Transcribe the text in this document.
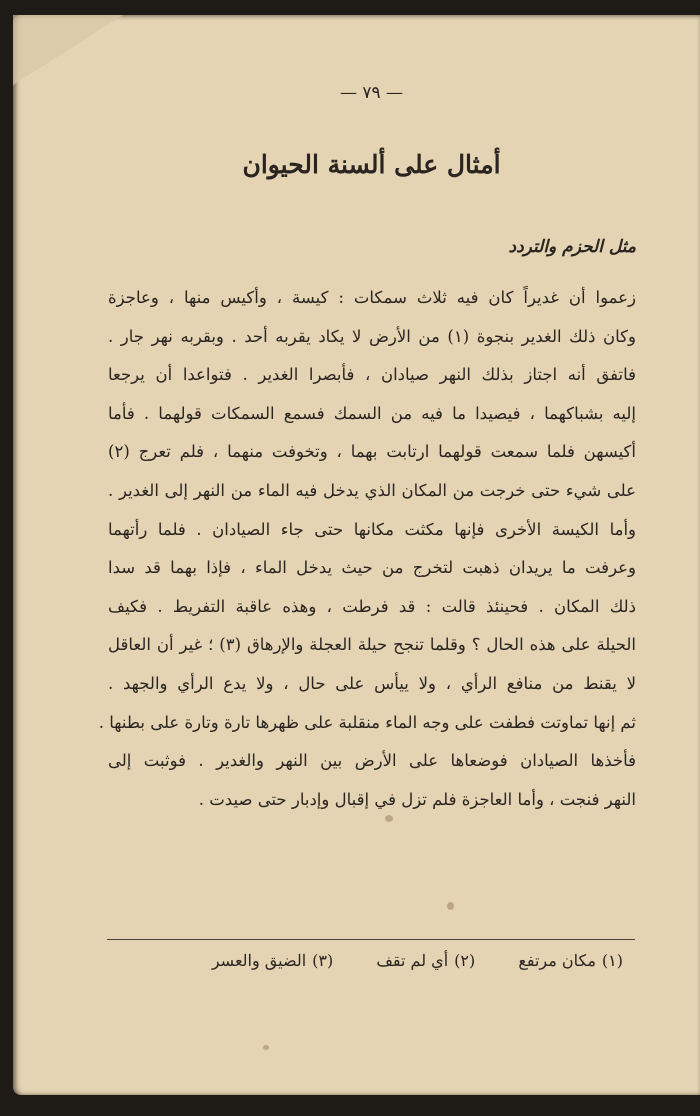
— ٧٩ —
أمثال على ألسنة الحيوان
مثل الحزم والتردد
زعموا أن غديراً كان فيه ثلاث سمكات : كيسة ، وأكيس منها ، وعاجزة
وكان ذلك الغدير بنجوة (١) من الأرض لا يكاد يقربه أحد . وبقربه نهر جار .
فاتفق أنه اجتاز بذلك النهر صيادان ، فأبصرا الغدير . فتواعدا أن يرجعا
إليه بشباكهما ، فيصيدا ما فيه من السمك فسمع السمكات قولهما . فأما
أكيسهن فلما سمعت قولهما ارتابت بهما ، وتخوفت منهما ، فلم تعرج (٢)
على شيء حتى خرجت من المكان الذي يدخل فيه الماء من النهر إلى الغدير .
وأما الكيسة الأخرى فإنها مكثت مكانها حتى جاء الصيادان . فلما رأتهما
وعرفت ما يريدان ذهبت لتخرج من حيث يدخل الماء ، فإذا بهما قد سدا
ذلك المكان . فحينئذ قالت : قد فرطت ، وهذه عاقبة التفريط . فكيف
الحيلة على هذه الحال ؟ وقلما تنجح حيلة العجلة والإرهاق (٣) ؛ غير أن العاقل
لا يقنط من منافع الرأي ، ولا ييأس على حال ، ولا يدع الرأي والجهد .
ثم إنها تماوتت فطفت على وجه الماء منقلبة على ظهرها تارة وتارة على بطنها .
فأخذها الصيادان فوضعاها على الأرض بين النهر والغدير . فوثبت إلى
النهر فنجت ، وأما العاجزة فلم تزل في إقبال وإدبار حتى صيدت .
(١)مكان مرتفع (٢)أي لم تقف (٣)الضيق والعسر
